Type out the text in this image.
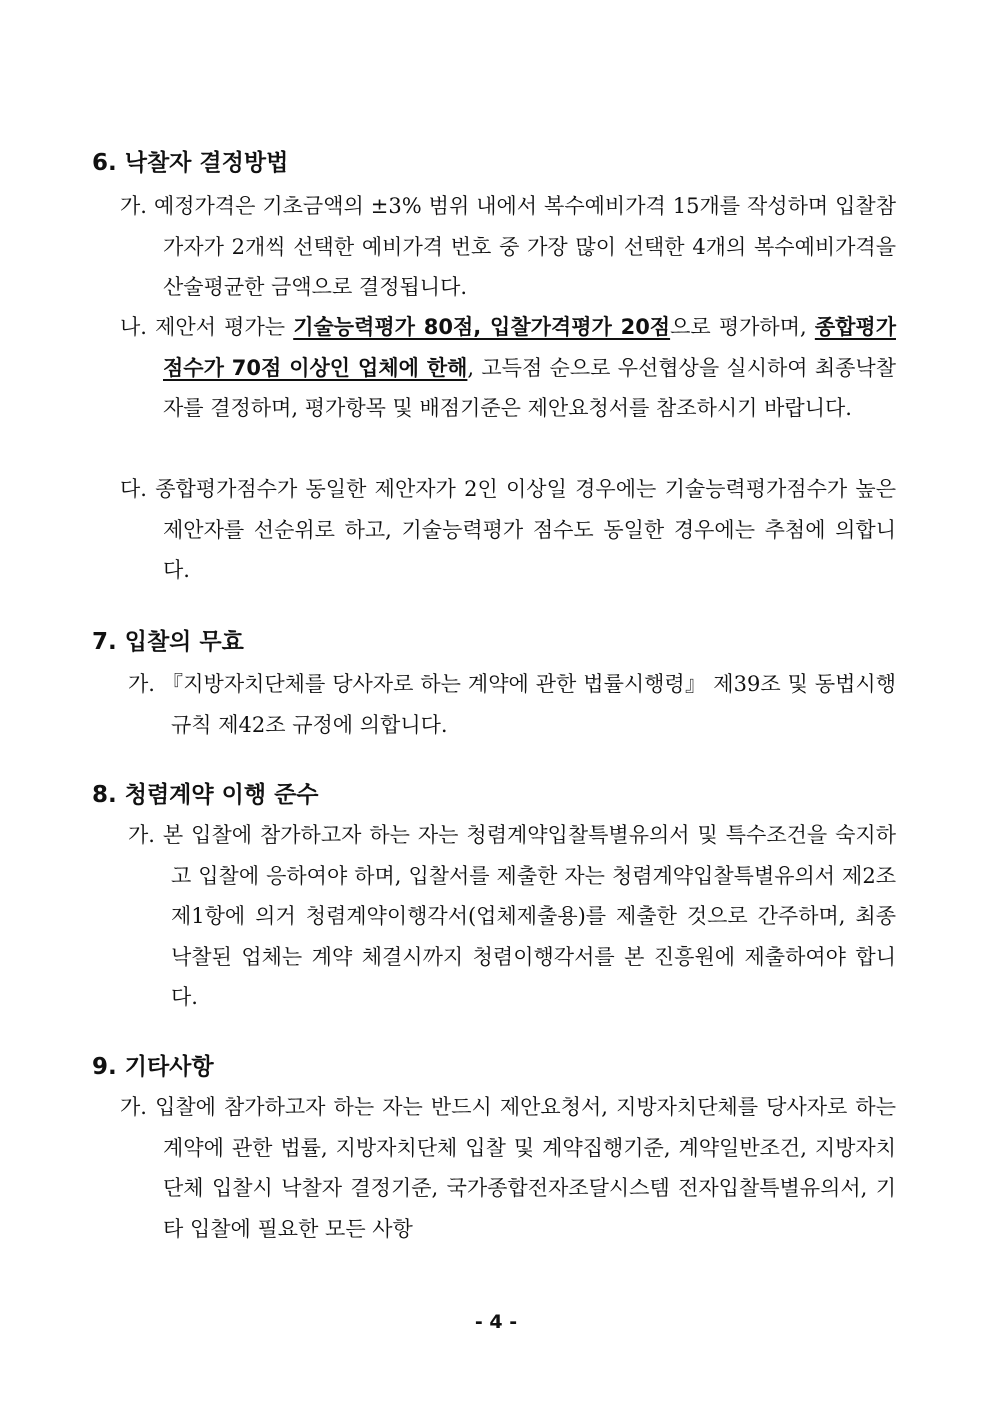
6. 낙찰자 결정방법

가. 예정가격은 기초금액의 ±3% 범위 내에서 복수예비가격 15개를 작성하며 입찰참가자가 2개씩 선택한 예비가격 번호 중 가장 많이 선택한 4개의 복수예비가격을 산술평균한 금액으로 결정됩니다.

나. 제안서 평가는 기술능력평가 80점, 입찰가격평가 20점으로 평가하며, 종합평가점수가 70점 이상인 업체에 한해, 고득점 순으로 우선협상을 실시하여 최종낙찰자를 결정하며, 평가항목 및 배점기준은 제안요청서를 참조하시기 바랍니다.

다. 종합평가점수가 동일한 제안자가 2인 이상일 경우에는 기술능력평가점수가 높은 제안자를 선순위로 하고, 기술능력평가 점수도 동일한 경우에는 추첨에 의합니다.

7. 입찰의 무효

가. 『지방자치단체를 당사자로 하는 계약에 관한 법률시행령』 제39조 및 동법시행규칙 제42조 규정에 의합니다.

8. 청렴계약 이행 준수

가. 본 입찰에 참가하고자 하는 자는 청렴계약입찰특별유의서 및 특수조건을 숙지하고 입찰에 응하여야 하며, 입찰서를 제출한 자는 청렴계약입찰특별유의서 제2조 제1항에 의거 청렴계약이행각서(업체제출용)를 제출한 것으로 간주하며, 최종 낙찰된 업체는 계약 체결시까지 청렴이행각서를 본 진흥원에 제출하여야 합니다.

9. 기타사항

가. 입찰에 참가하고자 하는 자는 반드시 제안요청서, 지방자치단체를 당사자로 하는 계약에 관한 법률, 지방자치단체 입찰 및 계약집행기준, 계약일반조건, 지방자치단체 입찰시 낙찰자 결정기준, 국가종합전자조달시스템 전자입찰특별유의서, 기타 입찰에 필요한 모든 사항

- 4 -
